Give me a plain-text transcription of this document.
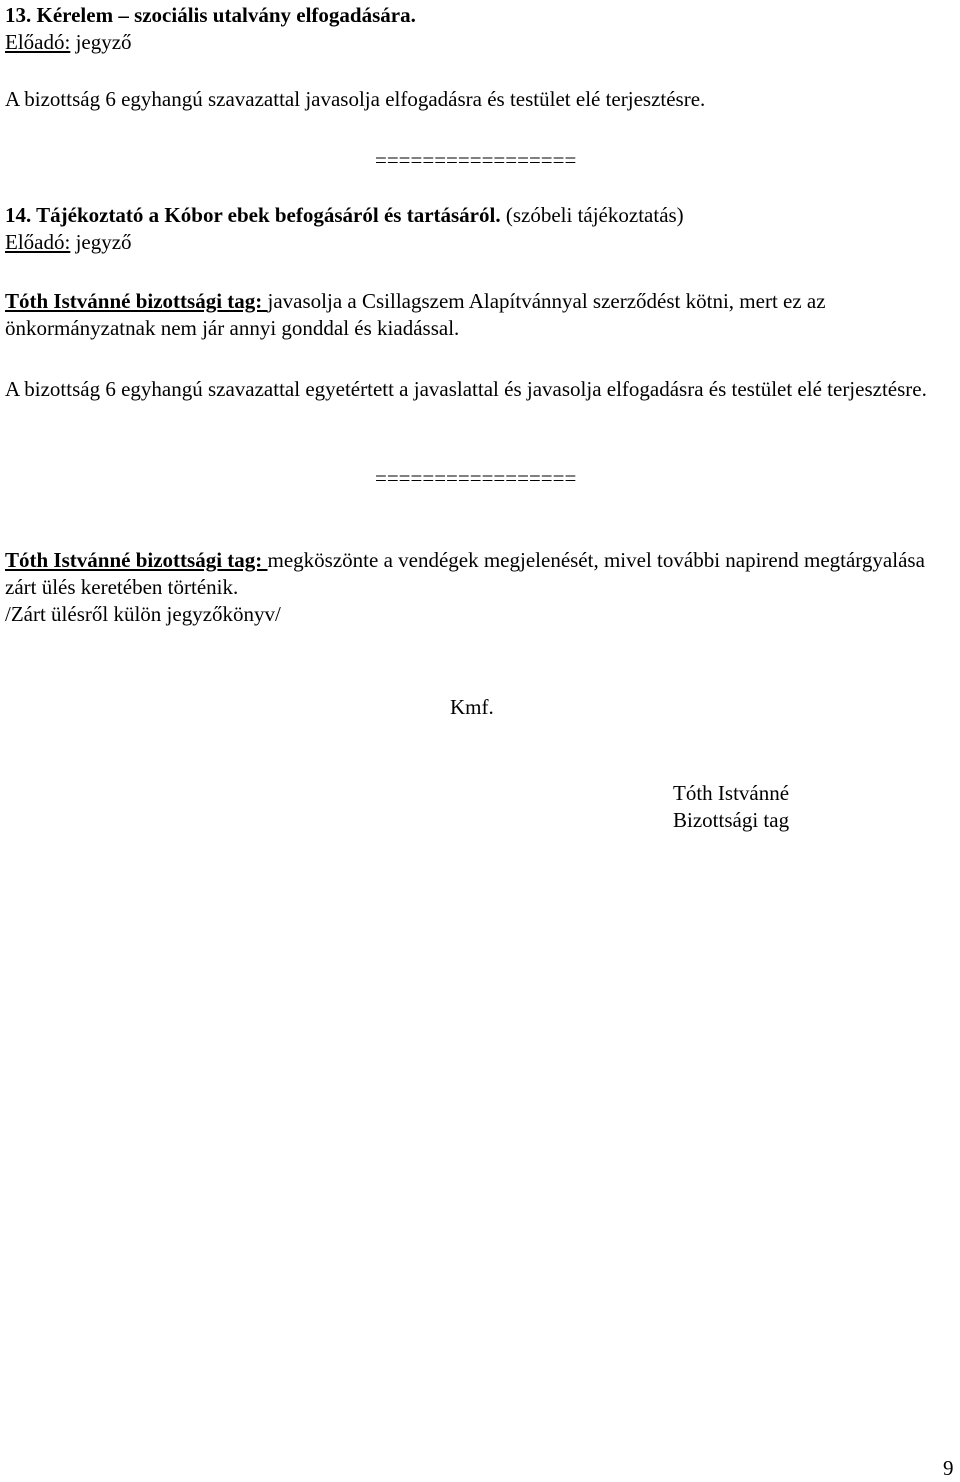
13. Kérelem – szociális utalvány elfogadására.

Előadó: jegyző

A bizottság 6 egyhangú szavazattal javasolja elfogadásra és testület elé terjesztésre.

=================

14. Tájékoztató a Kóbor ebek befogásáról és tartásáról. (szóbeli tájékoztatás)

Előadó: jegyző

Tóth Istvánné bizottsági tag: javasolja a Csillagszem Alapítvánnyal szerződést kötni, mert ez az önkormányzatnak nem jár annyi gonddal és kiadással.

A bizottság 6 egyhangú szavazattal egyetértett a javaslattal és javasolja elfogadásra és testület elé terjesztésre.

=================

Tóth Istvánné bizottsági tag: megköszönte a vendégek megjelenését, mivel további napirend megtárgyalása zárt ülés keretében történik.

/Zárt ülésről külön jegyzőkönyv/

Kmf.

Tóth Istvánné

Bizottsági tag

9
